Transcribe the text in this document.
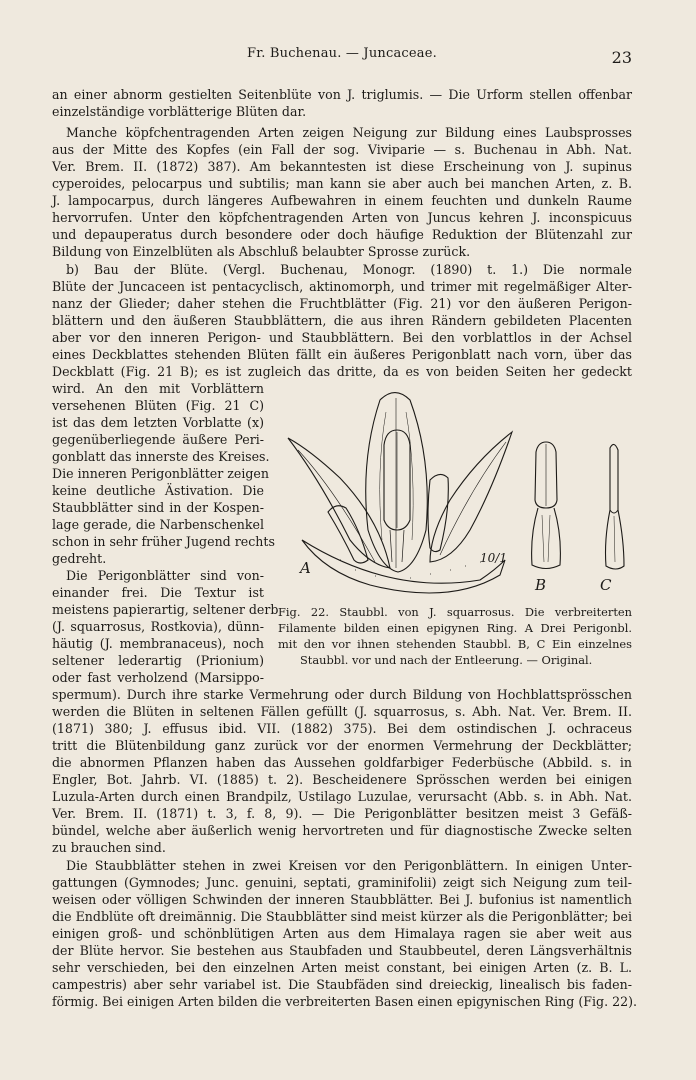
Fr. Buchenau. — Juncaceae.	23
an einer abnorm gestielten Seitenblüte von J. triglumis. — Die Urform stellen offenbar
einzelständige vorblätterige Blüten dar.
Manche köpfchentragenden Arten zeigen Neigung zur Bildung eines Laubsprosses
aus der Mitte des Kopfes (ein Fall der sog. Viviparie — s. Buchenau in Abh. Nat.
Ver. Brem. II. (1872) 387). Am bekanntesten ist diese Erscheinung von J. supinus
cyperoides, pelocarpus und subtilis; man kann sie aber auch bei manchen Arten, z. B.
J. lampocarpus, durch längeres Aufbewahren in einem feuchten und dunkeln Raume
hervorrufen. Unter den köpfchentragenden Arten von Juncus kehren J. inconspicuus
und depauperatus durch besondere oder doch häufige Reduktion der Blütenzahl zur
Bildung von Einzelblüten als Abschluß belaubter Sprosse zurück.
b) Bau der Blüte. (Vergl. Buchenau, Monogr. (1890) t. 1.) Die normale
Blüte der Juncaceen ist pentacyclisch, aktinomorph, und trimer mit regelmäßiger Alter-
nanz der Glieder; daher stehen die Fruchtblätter (Fig. 21) vor den äußeren Perigon-
blättern und den äußeren Staubblättern, die aus ihren Rändern gebildeten Placenten
aber vor den inneren Perigon- und Staubblättern. Bei den vorblattlos in der Achsel
eines Deckblattes stehenden Blüten fällt ein äußeres Perigonblatt nach vorn, über das
Deckblatt (Fig. 21 B); es ist zugleich das dritte, da es von beiden Seiten her gedeckt
wird. An den mit Vorblättern
versehenen Blüten (Fig. 21 C)
ist das dem letzten Vorblatte (x)
gegenüberliegende äußere Peri-
gonblatt das innerste des Kreises.
Die inneren Perigonblätter zeigen
keine deutliche Ästivation. Die
Staubblätter sind in der Kospen-
lage gerade, die Narbenschenkel
schon in sehr früher Jugend rechts
gedreht.
Die Perigonblätter sind von-
einander frei. Die Textur ist
meistens papierartig, seltener derb
(J. squarrosus, Rostkovia), dünn-
häutig (J. membranaceus), noch
seltener lederartig (Prionium)
oder fast verholzend (Marsippo-
A
B	C
10/1
Fig. 22. Staubbl. von J. squarrosus. Die verbreiterten
Filamente bilden einen epigynen Ring. A Drei Perigonbl.
mit den vor ihnen stehenden Staubbl. B, C Ein einzelnes
Staubbl. vor und nach der Entleerung. — Original.
spermum). Durch ihre starke Vermehrung oder durch Bildung von Hochblattsprösschen
werden die Blüten in seltenen Fällen gefüllt (J. squarrosus, s. Abh. Nat. Ver. Brem. II.
(1871) 380; J. effusus ibid. VII. (1882) 375). Bei dem ostindischen J. ochraceus
tritt die Blütenbildung ganz zurück vor der enormen Vermehrung der Deckblätter;
die abnormen Pflanzen haben das Aussehen goldfarbiger Federbüsche (Abbild. s. in
Engler, Bot. Jahrb. VI. (1885) t. 2). Bescheidenere Sprösschen werden bei einigen
Luzula-Arten durch einen Brandpilz, Ustilago Luzulae, verursacht (Abb. s. in Abh. Nat.
Ver. Brem. II. (1871) t. 3, f. 8, 9). — Die Perigonblätter besitzen meist 3 Gefäß-
bündel, welche aber äußerlich wenig hervortreten und für diagnostische Zwecke selten
zu brauchen sind.
Die Staubblätter stehen in zwei Kreisen vor den Perigonblättern. In einigen Unter-
gattungen (Gymnodes; Junc. genuini, septati, graminifolii) zeigt sich Neigung zum teil-
weisen oder völligen Schwinden der inneren Staubblätter. Bei J. bufonius ist namentlich
die Endblüte oft dreimännig. Die Staubblätter sind meist kürzer als die Perigonblätter; bei
einigen groß- und schönblütigen Arten aus dem Himalaya ragen sie aber weit aus
der Blüte hervor. Sie bestehen aus Staubfaden und Staubbeutel, deren Längsverhältnis
sehr verschieden, bei den einzelnen Arten meist constant, bei einigen Arten (z. B. L.
campestris) aber sehr variabel ist. Die Staubfäden sind dreieckig, linealisch bis faden-
förmig. Bei einigen Arten bilden die verbreiterten Basen einen epigynischen Ring (Fig. 22).
